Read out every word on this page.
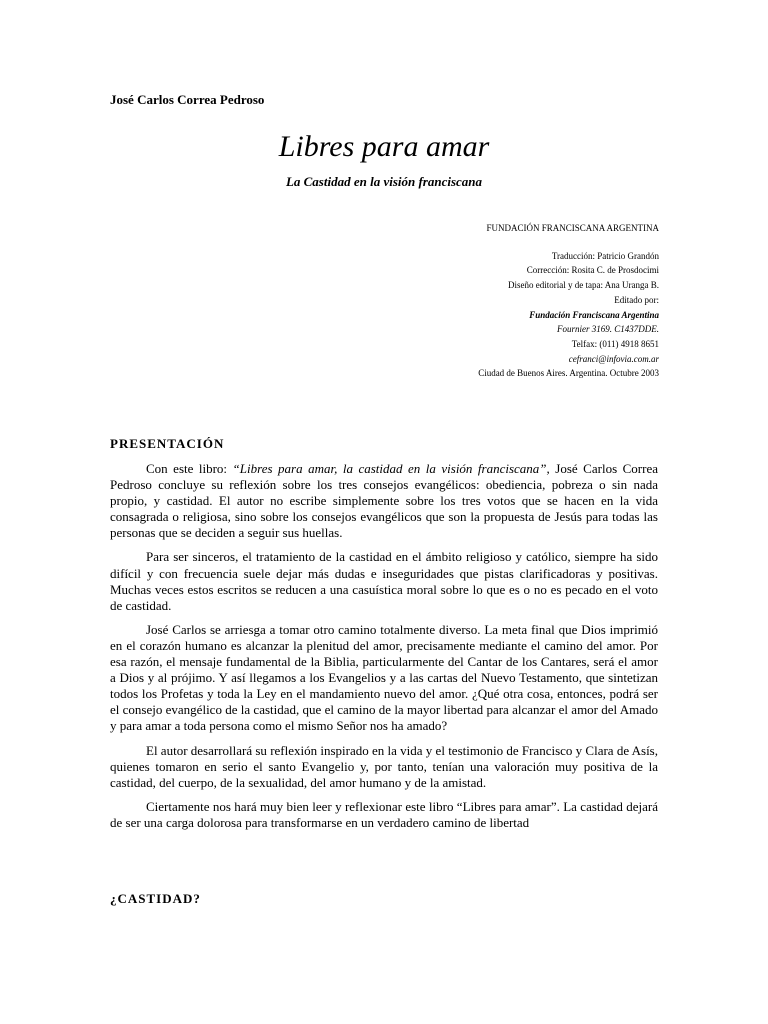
José Carlos Correa Pedroso
Libres para amar
La Castidad en la visión franciscana
FUNDACIÓN FRANCISCANA ARGENTINA
Traducción: Patricio Grandón
Corrección: Rosita C. de Prosdocimi
Diseño editorial y de tapa: Ana Uranga B.
Editado por:
Fundación Franciscana Argentina
Fournier 3169. C1437DDE.
Telfax: (011) 4918 8651
cefranci@infovia.com.ar
Ciudad de Buenos Aires. Argentina. Octubre 2003
PRESENTACIÓN

Con este libro: “Libres para amar, la castidad en la visión franciscana”, José Carlos Correa Pedroso concluye su reflexión sobre los tres consejos evangélicos: obediencia, pobreza o sin nada propio, y castidad. El autor no escribe simplemente sobre los tres votos que se hacen en la vida consagrada o religiosa, sino sobre los consejos evangélicos que son la propuesta de Jesús para todas las personas que se deciden a seguir sus huellas.

Para ser sinceros, el tratamiento de la castidad en el ámbito religioso y católico, siempre ha sido difícil y con frecuencia suele dejar más dudas e inseguridades que pistas clarificadoras y positivas. Muchas veces estos escritos se reducen a una casuística moral sobre lo que es o no es pecado en el voto de castidad.

José Carlos se arriesga a tomar otro camino totalmente diverso. La meta final que Dios imprimió en el corazón humano es alcanzar la plenitud del amor, precisamente mediante el camino del amor. Por esa razón, el mensaje fundamental de la Biblia, particularmente del Cantar de los Cantares, será el amor a Dios y al prójimo. Y así llegamos a los Evangelios y a las cartas del Nuevo Testamento, que sintetizan todos los Profetas y toda la Ley en el mandamiento nuevo del amor. ¿Qué otra cosa, entonces, podrá ser el consejo evangélico de la castidad, que el camino de la mayor libertad para alcanzar el amor del Amado y para amar a toda persona como el mismo Señor nos ha amado?

El autor desarrollará su reflexión inspirado en la vida y el testimonio de Francisco y Clara de Asís, quienes tomaron en serio el santo Evangelio y, por tanto, tenían una valoración muy positiva de la castidad, del cuerpo, de la sexualidad, del amor humano y de la amistad.

Ciertamente nos hará muy bien leer y reflexionar este libro “Libres para amar”. La castidad dejará de ser una carga dolorosa para transformarse en un verdadero camino de libertad

¿CASTIDAD?
